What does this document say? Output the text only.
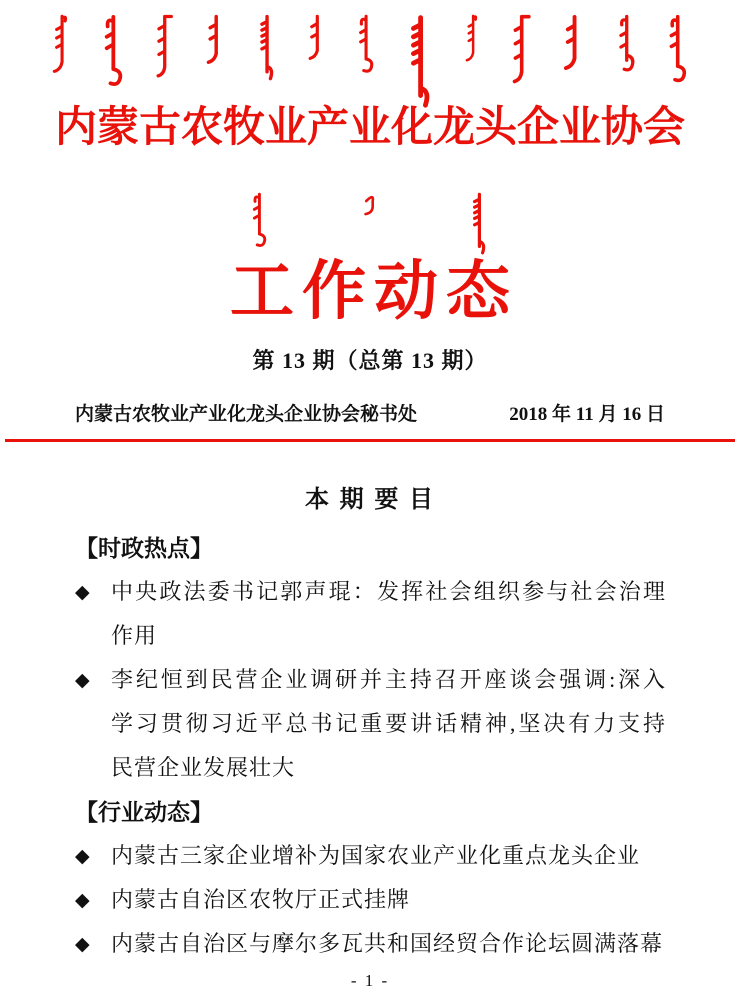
内蒙古农牧业产业化龙头企业协会
工作动态
第 13 期（总第 13 期）
内蒙古农牧业产业化龙头企业协会秘书处	2018 年 11 月 16 日
本 期 要 目
【时政热点】
◆ 中央政法委书记郭声琨：发挥社会组织参与社会治理
作用
◆ 李纪恒到民营企业调研并主持召开座谈会强调:深入
学习贯彻习近平总书记重要讲话精神,坚决有力支持
民营企业发展壮大
【行业动态】
◆ 内蒙古三家企业增补为国家农业产业化重点龙头企业
◆ 内蒙古自治区农牧厅正式挂牌
◆ 内蒙古自治区与摩尔多瓦共和国经贸合作论坛圆满落幕
- 1 -
